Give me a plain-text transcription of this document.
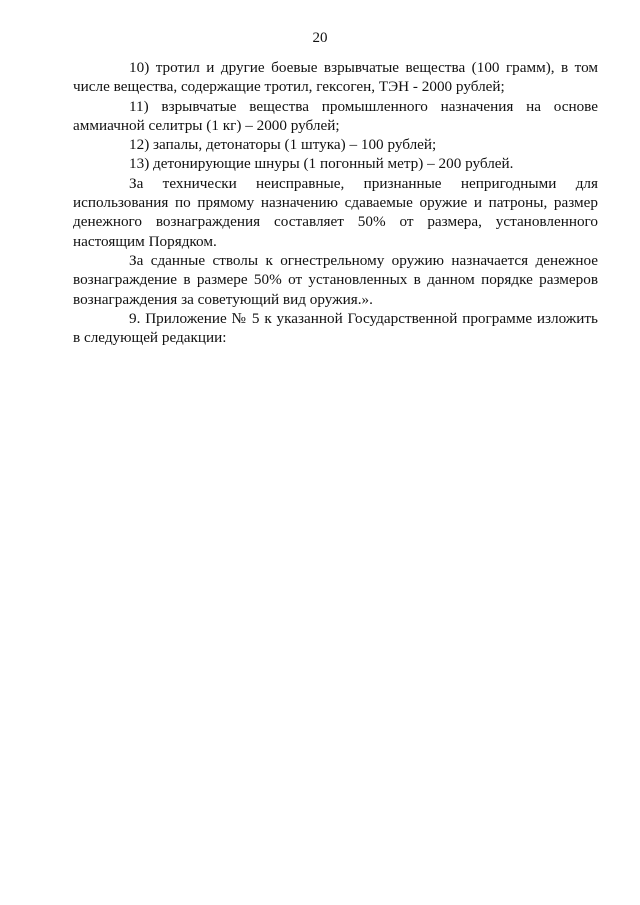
20

10) тротил и другие боевые взрывчатые вещества (100 грамм), в том числе вещества, содержащие тротил, гексоген, ТЭН - 2000 рублей;

11) взрывчатые вещества промышленного назначения на основе аммиачной селитры (1 кг) – 2000 рублей;

12) запалы, детонаторы (1 штука) – 100 рублей;

13) детонирующие шнуры (1 погонный метр) – 200 рублей.

За технически неисправные, признанные непригодными для использования по прямому назначению сдаваемые оружие и патроны, размер денежного вознаграждения составляет 50% от размера, установленного настоящим Порядком.

За сданные стволы к огнестрельному оружию назначается денежное вознаграждение в размере 50% от установленных в данном порядке размеров вознаграждения за советующий вид оружия.».

9. Приложение № 5 к указанной Государственной программе изложить в следующей редакции:
